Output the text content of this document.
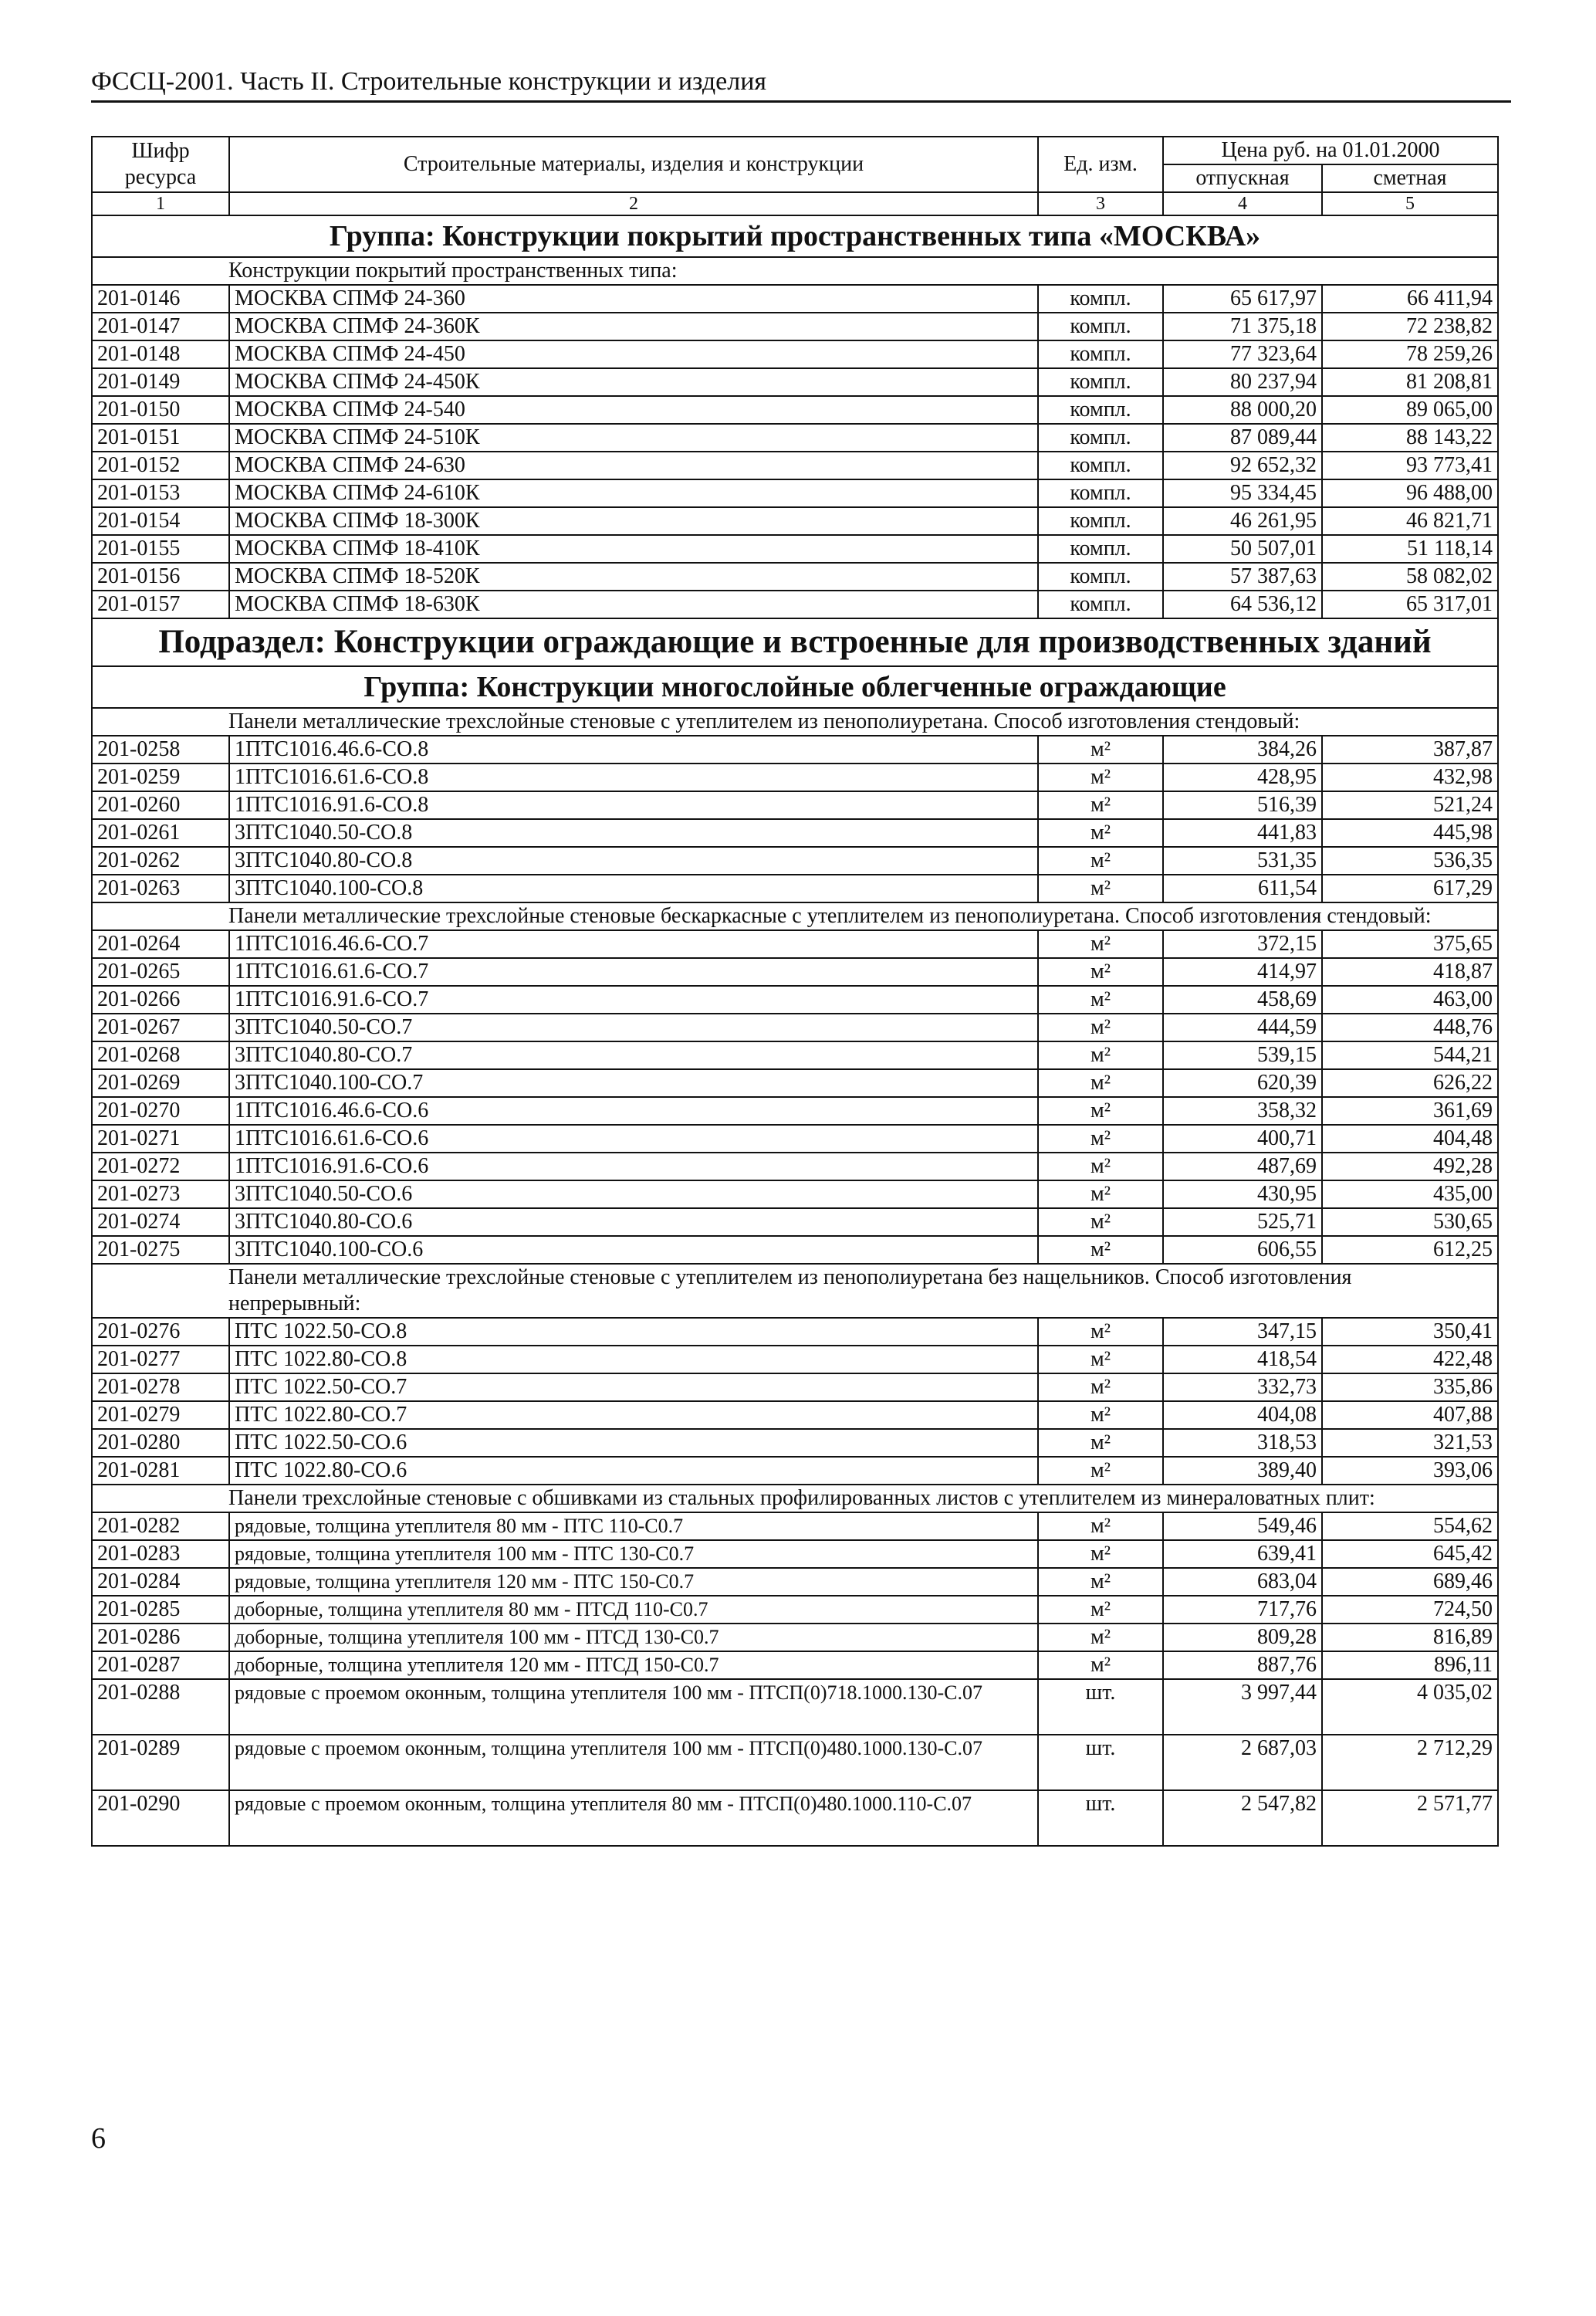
ФССЦ-2001. Часть II. Строительные конструкции и изделия
Шифр ресурса	Строительные материалы, изделия и конструкции	Ед. изм.	Цена руб. на 01.01.2000	
			отпускная	сметная
1	2	3	4	5
Группа: Конструкции покрытий пространственных типа «МОСКВА»				
Конструкции покрытий пространственных типа:				
201-0146	МОСКВА СПМФ 24-360	компл.	65 617,97	66 411,94
201-0147	МОСКВА СПМФ 24-360К	компл.	71 375,18	72 238,82
201-0148	МОСКВА СПМФ 24-450	компл.	77 323,64	78 259,26
201-0149	МОСКВА СПМФ 24-450К	компл.	80 237,94	81 208,81
201-0150	МОСКВА СПМФ 24-540	компл.	88 000,20	89 065,00
201-0151	МОСКВА СПМФ 24-510К	компл.	87 089,44	88 143,22
201-0152	МОСКВА СПМФ 24-630	компл.	92 652,32	93 773,41
201-0153	МОСКВА СПМФ 24-610К	компл.	95 334,45	96 488,00
201-0154	МОСКВА СПМФ 18-300К	компл.	46 261,95	46 821,71
201-0155	МОСКВА СПМФ 18-410К	компл.	50 507,01	51 118,14
201-0156	МОСКВА СПМФ 18-520К	компл.	57 387,63	58 082,02
201-0157	МОСКВА СПМФ 18-630К	компл.	64 536,12	65 317,01
Подраздел: Конструкции ограждающие и встроенные для производственных зданий				
Группа: Конструкции многослойные облегченные ограждающие				
Панели металлические трехслойные стеновые с утеплителем из пенополиуретана. Способ изготовления стендовый:				
201-0258	1ПТС1016.46.6-СО.8	м²	384,26	387,87
201-0259	1ПТС1016.61.6-СО.8	м²	428,95	432,98
201-0260	1ПТС1016.91.6-СО.8	м²	516,39	521,24
201-0261	3ПТС1040.50-СО.8	м²	441,83	445,98
201-0262	3ПТС1040.80-СО.8	м²	531,35	536,35
201-0263	3ПТС1040.100-СО.8	м²	611,54	617,29
Панели металлические трехслойные стеновые бескаркасные с утеплителем из пенополиуретана. Способ изготовления стендовый:				
201-0264	1ПТС1016.46.6-СО.7	м²	372,15	375,65
201-0265	1ПТС1016.61.6-СО.7	м²	414,97	418,87
201-0266	1ПТС1016.91.6-СО.7	м²	458,69	463,00
201-0267	3ПТС1040.50-СО.7	м²	444,59	448,76
201-0268	3ПТС1040.80-СО.7	м²	539,15	544,21
201-0269	3ПТС1040.100-СО.7	м²	620,39	626,22
201-0270	1ПТС1016.46.6-СО.6	м²	358,32	361,69
201-0271	1ПТС1016.61.6-СО.6	м²	400,71	404,48
201-0272	1ПТС1016.91.6-СО.6	м²	487,69	492,28
201-0273	3ПТС1040.50-СО.6	м²	430,95	435,00
201-0274	3ПТС1040.80-СО.6	м²	525,71	530,65
201-0275	3ПТС1040.100-СО.6	м²	606,55	612,25
Панели металлические трехслойные стеновые с утеплителем из пенополиуретана без нащельников. Способ изготовления непрерывный:				
201-0276	ПТС 1022.50-СО.8	м²	347,15	350,41
201-0277	ПТС 1022.80-СО.8	м²	418,54	422,48
201-0278	ПТС 1022.50-СО.7	м²	332,73	335,86
201-0279	ПТС 1022.80-СО.7	м²	404,08	407,88
201-0280	ПТС 1022.50-СО.6	м²	318,53	321,53
201-0281	ПТС 1022.80-СО.6	м²	389,40	393,06
Панели трехслойные стеновые с обшивками из стальных профилированных листов с утеплителем из минераловатных плит:				
201-0282	рядовые, толщина утеплителя 80 мм - ПТС 110-С0.7	м²	549,46	554,62
201-0283	рядовые, толщина утеплителя 100 мм - ПТС 130-С0.7	м²	639,41	645,42
201-0284	рядовые, толщина утеплителя 120 мм - ПТС 150-С0.7	м²	683,04	689,46
201-0285	доборные, толщина утеплителя 80 мм - ПТСД 110-С0.7	м²	717,76	724,50
201-0286	доборные, толщина утеплителя 100 мм - ПТСД 130-С0.7	м²	809,28	816,89
201-0287	доборные, толщина утеплителя 120 мм - ПТСД 150-С0.7	м²	887,76	896,11
201-0288	рядовые с проемом оконным, толщина утеплителя 100 мм - ПТСП(0)718.1000.130-С.07	шт.	3 997,44	4 035,02
201-0289	рядовые с проемом оконным, толщина утеплителя 100 мм - ПТСП(0)480.1000.130-С.07	шт.	2 687,03	2 712,29
201-0290	рядовые с проемом оконным, толщина утеплителя 80 мм - ПТСП(0)480.1000.110-С.07	шт.	2 547,82	2 571,77
6
